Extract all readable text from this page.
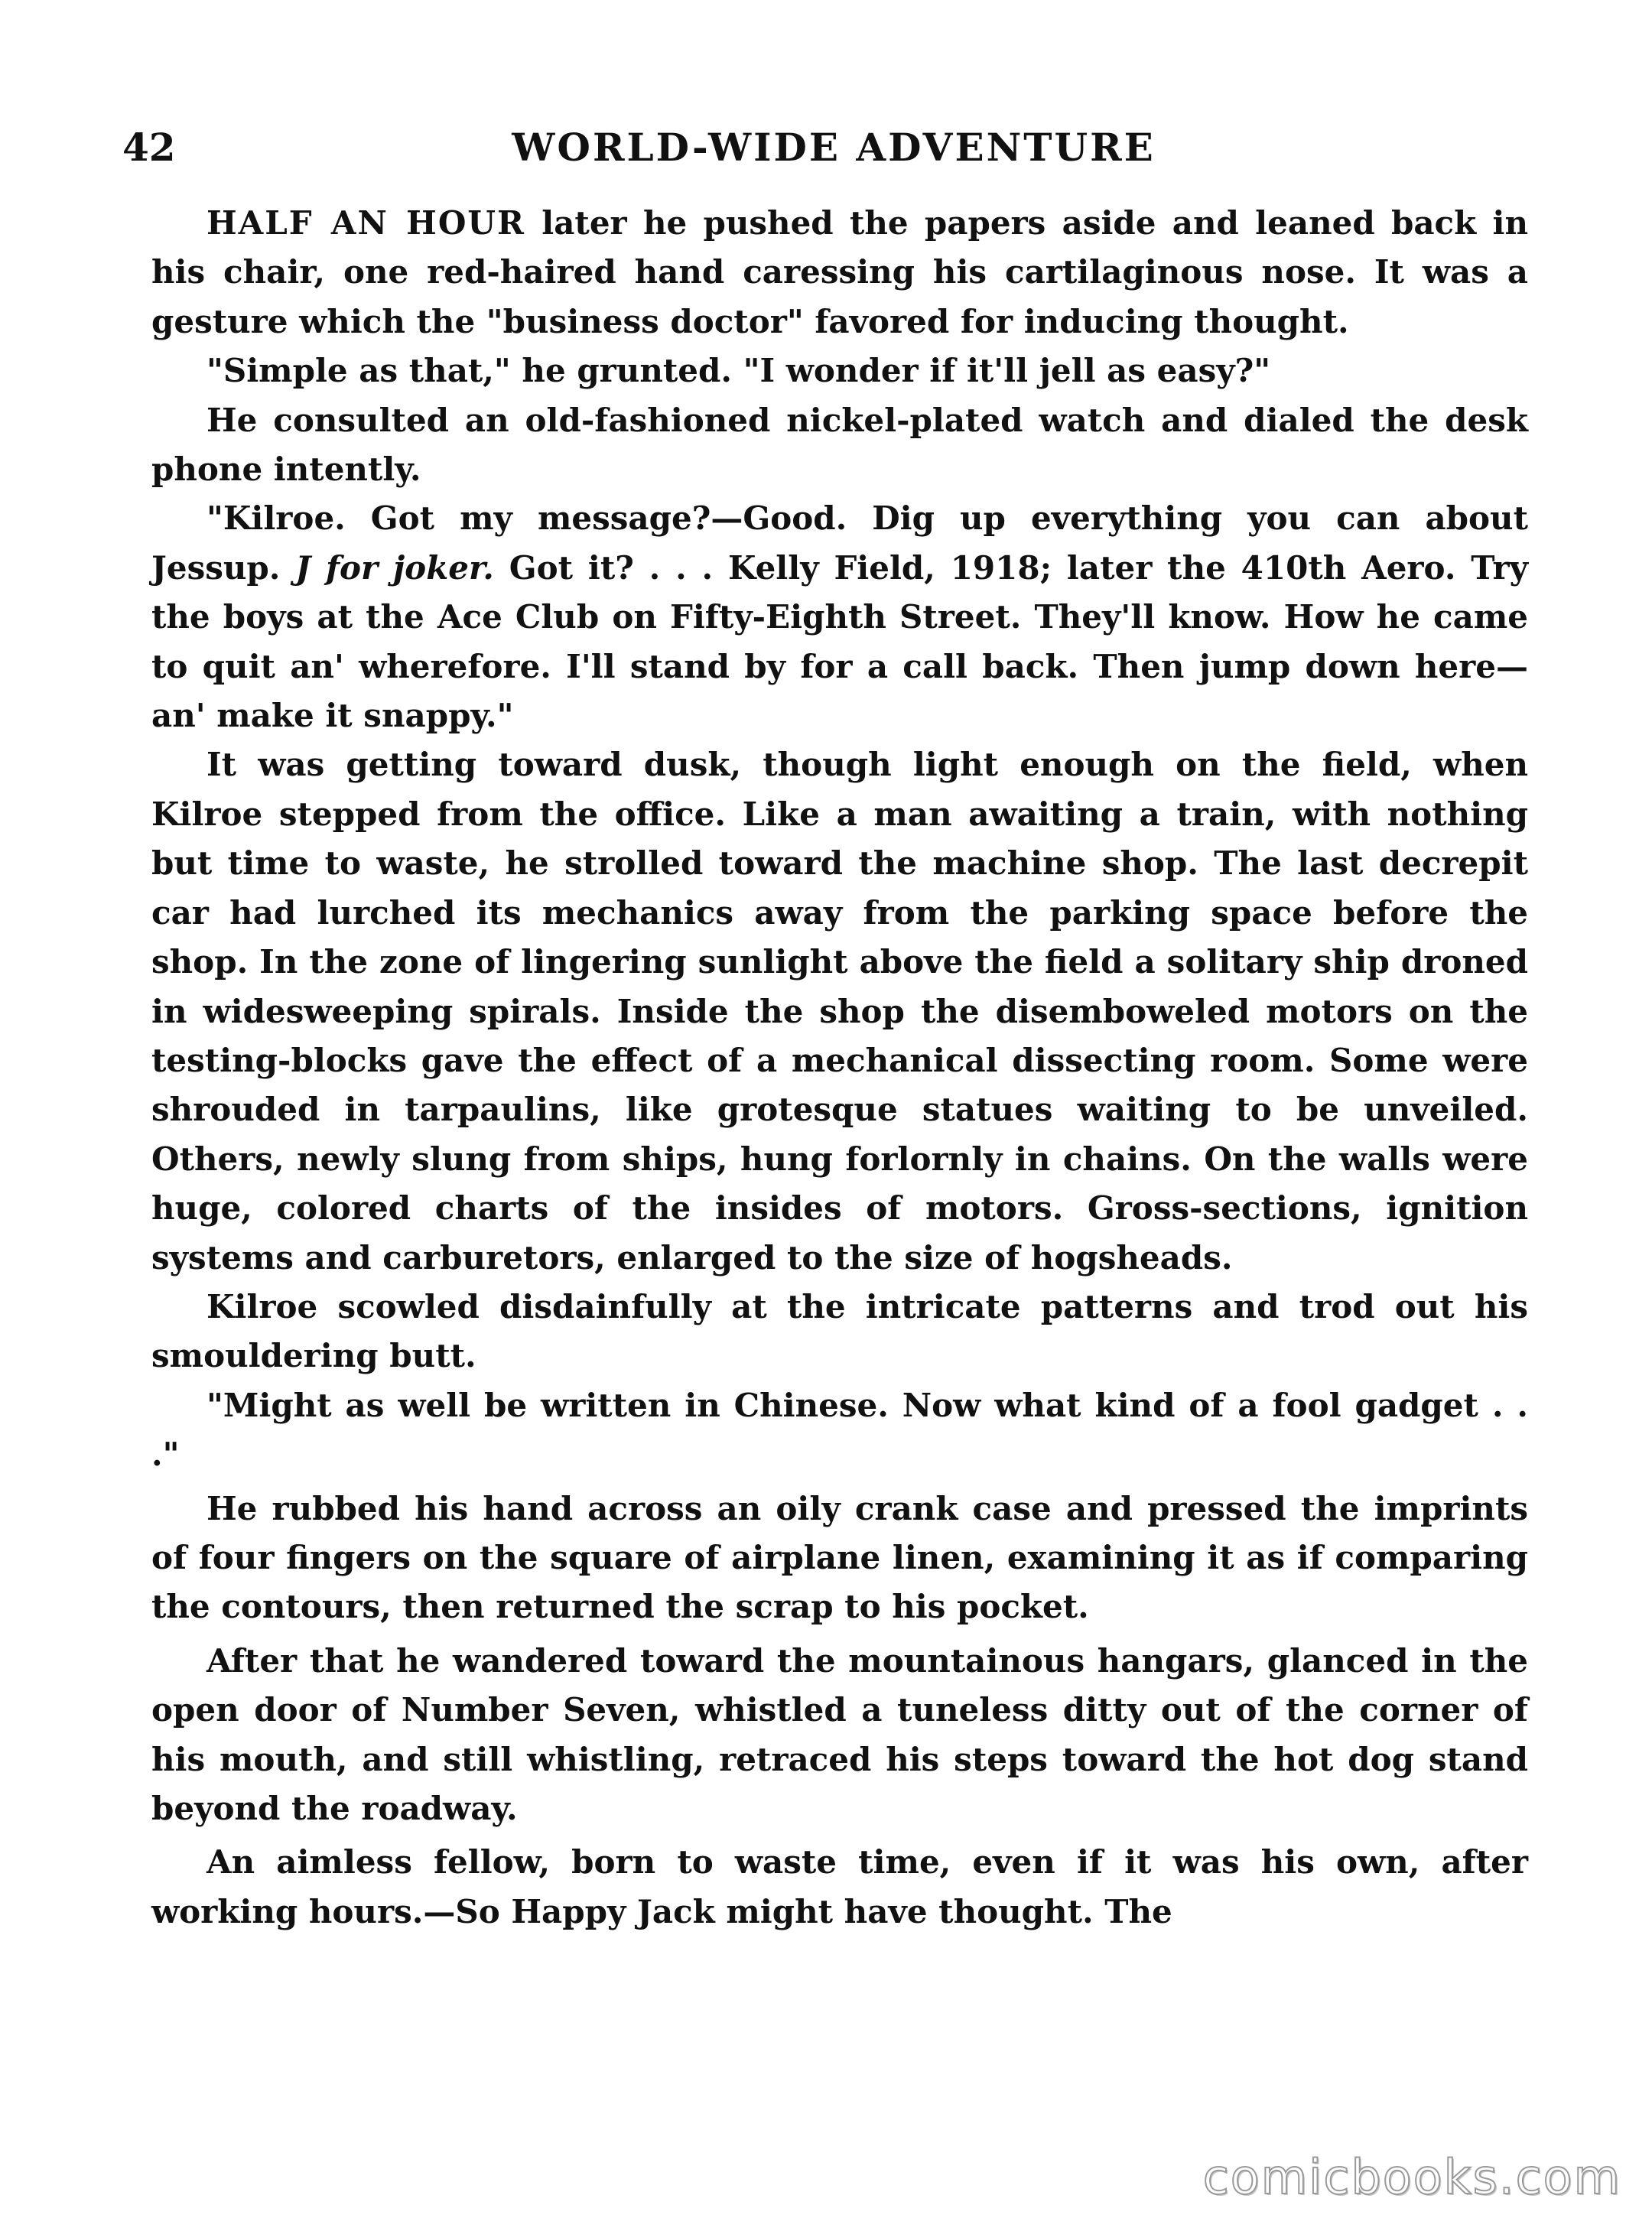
42	WORLD-WIDE ADVENTURE

HALF AN HOUR later he pushed the papers aside and leaned back in his chair, one red-haired hand caressing his cartilaginous nose. It was a gesture which the "business doctor" favored for inducing thought.

"Simple as that," he grunted. "I wonder if it'll jell as easy?"

He consulted an old-fashioned nickel-plated watch and dialed the desk phone intently.

"Kilroe. Got my message?—Good. Dig up everything you can about Jessup. J for joker. Got it? . . . Kelly Field, 1918; later the 410th Aero. Try the boys at the Ace Club on Fifty-Eighth Street. They'll know. How he came to quit an' wherefore. I'll stand by for a call back. Then jump down here—an' make it snappy."

It was getting toward dusk, though light enough on the field, when Kilroe stepped from the office. Like a man awaiting a train, with nothing but time to waste, he strolled toward the machine shop. The last decrepit car had lurched its mechanics away from the parking space before the shop. In the zone of lingering sunlight above the field a solitary ship droned in widesweeping spirals. Inside the shop the disemboweled motors on the testing-blocks gave the effect of a mechanical dissecting room. Some were shrouded in tarpaulins, like grotesque statues waiting to be unveiled. Others, newly slung from ships, hung forlornly in chains. On the walls were huge, colored charts of the insides of motors. Gross-sections, ignition systems and carburetors, enlarged to the size of hogsheads.

Kilroe scowled disdainfully at the intricate patterns and trod out his smouldering butt.

"Might as well be written in Chinese. Now what kind of a fool gadget . . ."

He rubbed his hand across an oily crank case and pressed the imprints of four fingers on the square of airplane linen, examining it as if comparing the contours, then returned the scrap to his pocket.

After that he wandered toward the mountainous hangars, glanced in the open door of Number Seven, whistled a tuneless ditty out of the corner of his mouth, and still whistling, retraced his steps toward the hot dog stand beyond the roadway.

An aimless fellow, born to waste time, even if it was his own, after working hours.—So Happy Jack might have thought. The

comicbooks.com
